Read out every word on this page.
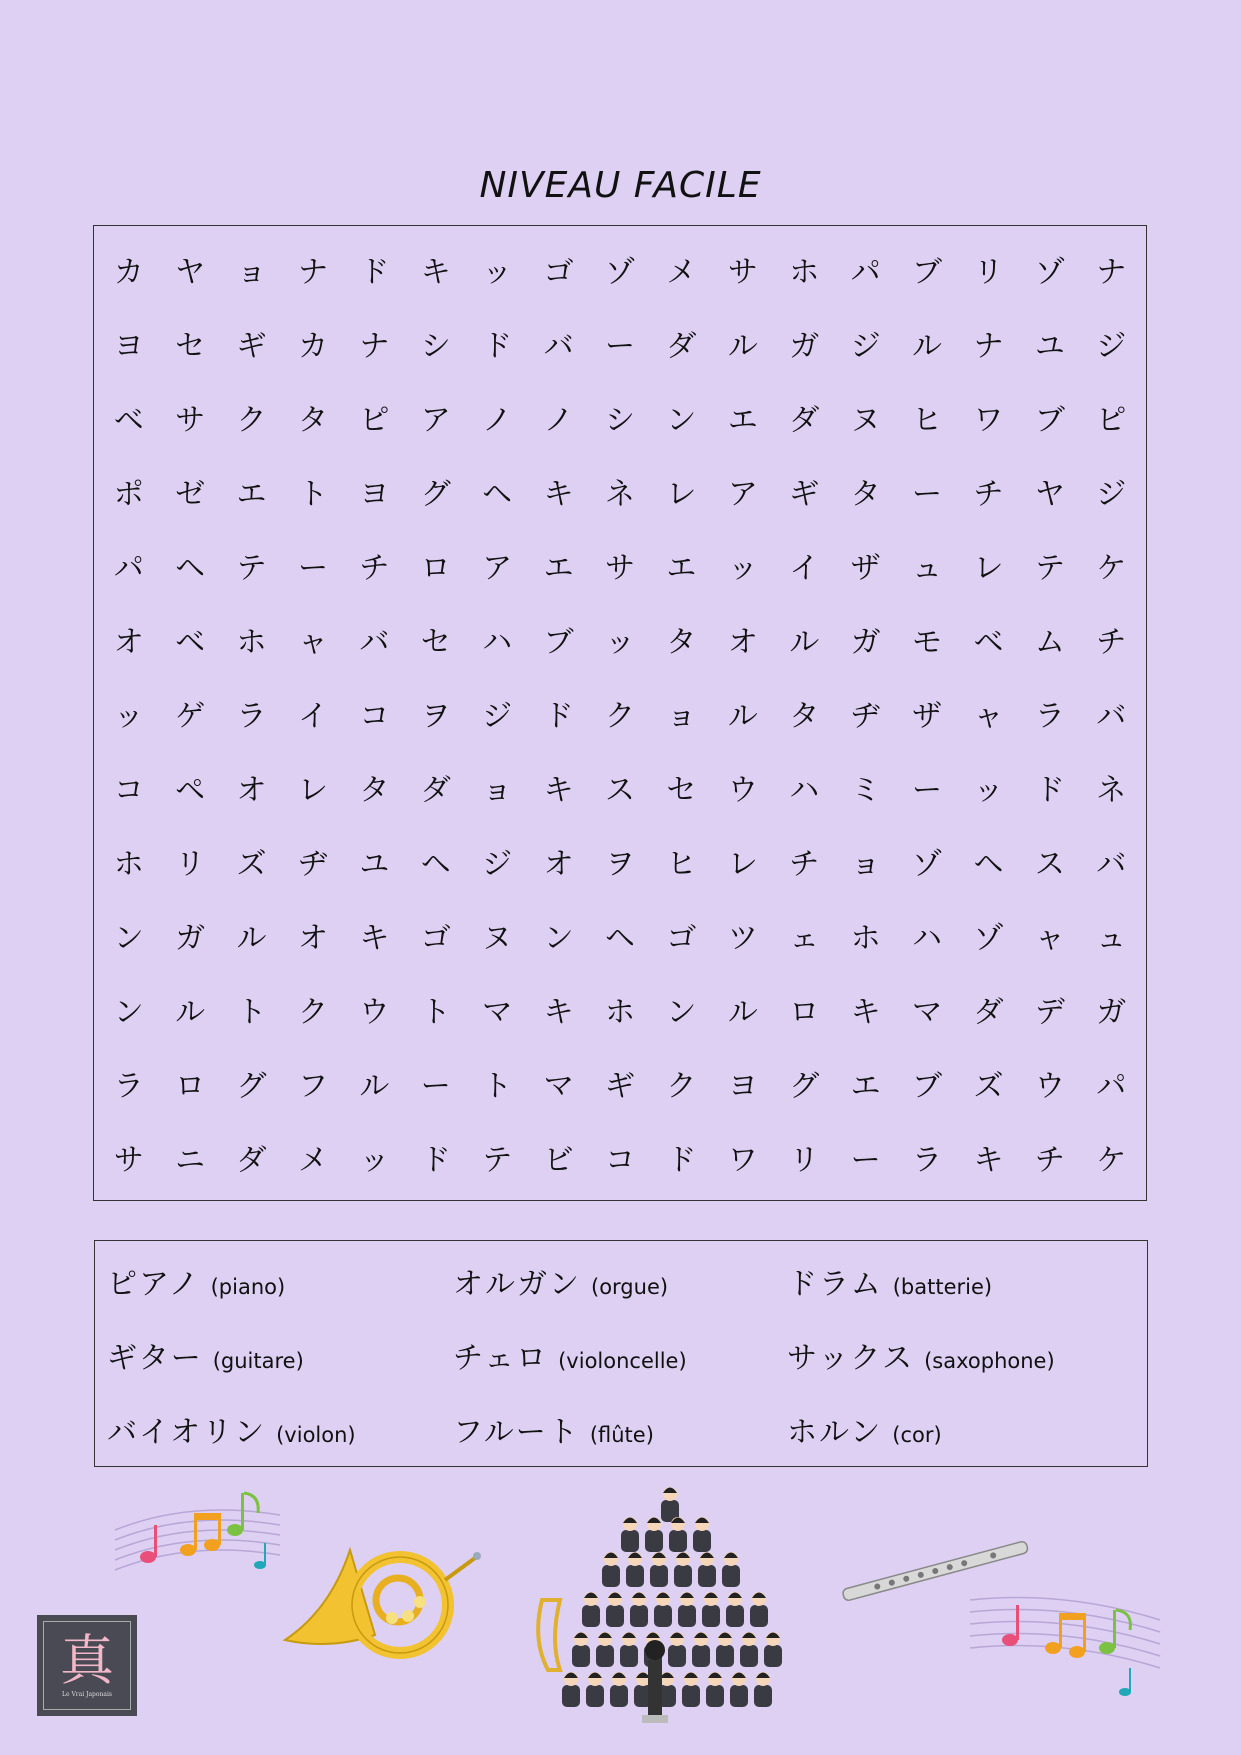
NIVEAU FACILE
カ	ヤ	ョ	ナ	ド	キ	ッ	ゴ	ゾ	メ	サ	ホ	パ	ブ	リ	ゾ	ナ
ヨ	セ	ギ	カ	ナ	シ	ド	バ	ー	ダ	ル	ガ	ジ	ル	ナ	ユ	ジ
ベ	サ	ク	タ	ピ	ア	ノ	ノ	シ	ン	エ	ダ	ヌ	ヒ	ワ	ブ	ピ
ポ	ゼ	エ	ト	ヨ	グ	ヘ	キ	ネ	レ	ア	ギ	タ	ー	チ	ヤ	ジ
パ	ヘ	テ	ー	チ	ロ	ア	エ	サ	エ	ッ	イ	ザ	ュ	レ	テ	ケ
オ	ベ	ホ	ャ	バ	セ	ハ	ブ	ッ	タ	オ	ル	ガ	モ	ベ	ム	チ
ッ	ゲ	ラ	イ	コ	ヲ	ジ	ド	ク	ョ	ル	タ	ヂ	ザ	ャ	ラ	バ
コ	ペ	オ	レ	タ	ダ	ョ	キ	ス	セ	ウ	ハ	ミ	ー	ッ	ド	ネ
ホ	リ	ズ	ヂ	ユ	ヘ	ジ	オ	ヲ	ヒ	レ	チ	ョ	ゾ	ヘ	ス	バ
ン	ガ	ル	オ	キ	ゴ	ヌ	ン	ヘ	ゴ	ツ	ェ	ホ	ハ	ゾ	ャ	ュ
ン	ル	ト	ク	ウ	ト	マ	キ	ホ	ン	ル	ロ	キ	マ	ダ	デ	ガ
ラ	ロ	グ	フ	ル	ー	ト	マ	ギ	ク	ヨ	グ	エ	ブ	ズ	ウ	パ
サ	ニ	ダ	メ	ッ	ド	テ	ビ	コ	ド	ワ	リ	ー	ラ	キ	チ	ケ
ピアノ (piano)	オルガン (orgue)	ドラム (batterie)
ギター (guitare)	チェロ (violoncelle)	サックス (saxophone)
バイオリン (violon)	フルート (flûte)	ホルン (cor)
真
Le Vrai Japonais
